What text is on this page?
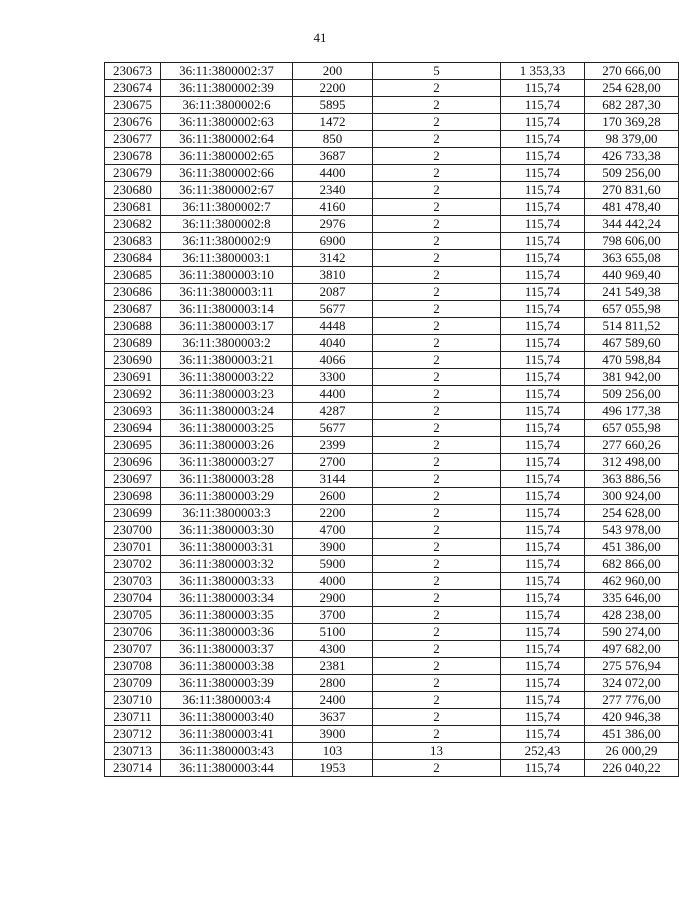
41
230673	36:11:3800002:37	200	5	1 353,33	270 666,00
230674	36:11:3800002:39	2200	2	115,74	254 628,00
230675	36:11:3800002:6	5895	2	115,74	682 287,30
230676	36:11:3800002:63	1472	2	115,74	170 369,28
230677	36:11:3800002:64	850	2	115,74	98 379,00
230678	36:11:3800002:65	3687	2	115,74	426 733,38
230679	36:11:3800002:66	4400	2	115,74	509 256,00
230680	36:11:3800002:67	2340	2	115,74	270 831,60
230681	36:11:3800002:7	4160	2	115,74	481 478,40
230682	36:11:3800002:8	2976	2	115,74	344 442,24
230683	36:11:3800002:9	6900	2	115,74	798 606,00
230684	36:11:3800003:1	3142	2	115,74	363 655,08
230685	36:11:3800003:10	3810	2	115,74	440 969,40
230686	36:11:3800003:11	2087	2	115,74	241 549,38
230687	36:11:3800003:14	5677	2	115,74	657 055,98
230688	36:11:3800003:17	4448	2	115,74	514 811,52
230689	36:11:3800003:2	4040	2	115,74	467 589,60
230690	36:11:3800003:21	4066	2	115,74	470 598,84
230691	36:11:3800003:22	3300	2	115,74	381 942,00
230692	36:11:3800003:23	4400	2	115,74	509 256,00
230693	36:11:3800003:24	4287	2	115,74	496 177,38
230694	36:11:3800003:25	5677	2	115,74	657 055,98
230695	36:11:3800003:26	2399	2	115,74	277 660,26
230696	36:11:3800003:27	2700	2	115,74	312 498,00
230697	36:11:3800003:28	3144	2	115,74	363 886,56
230698	36:11:3800003:29	2600	2	115,74	300 924,00
230699	36:11:3800003:3	2200	2	115,74	254 628,00
230700	36:11:3800003:30	4700	2	115,74	543 978,00
230701	36:11:3800003:31	3900	2	115,74	451 386,00
230702	36:11:3800003:32	5900	2	115,74	682 866,00
230703	36:11:3800003:33	4000	2	115,74	462 960,00
230704	36:11:3800003:34	2900	2	115,74	335 646,00
230705	36:11:3800003:35	3700	2	115,74	428 238,00
230706	36:11:3800003:36	5100	2	115,74	590 274,00
230707	36:11:3800003:37	4300	2	115,74	497 682,00
230708	36:11:3800003:38	2381	2	115,74	275 576,94
230709	36:11:3800003:39	2800	2	115,74	324 072,00
230710	36:11:3800003:4	2400	2	115,74	277 776,00
230711	36:11:3800003:40	3637	2	115,74	420 946,38
230712	36:11:3800003:41	3900	2	115,74	451 386,00
230713	36:11:3800003:43	103	13	252,43	26 000,29
230714	36:11:3800003:44	1953	2	115,74	226 040,22
